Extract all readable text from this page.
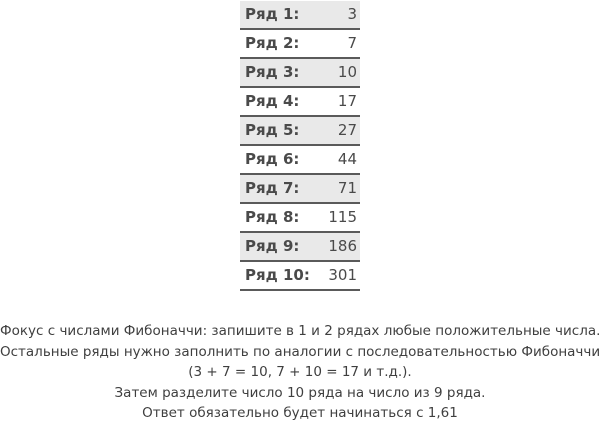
Ряд 1:	3
Ряд 2:	7
Ряд 3:	10
Ряд 4:	17
Ряд 5:	27
Ряд 6:	44
Ряд 7:	71
Ряд 8: 115
Ряд 9: 186
Ряд 10: 301

Фокус с числами Фибоначчи: запишите в 1 и 2 рядах любые положительные числа.

Остальные ряды нужно заполнить по аналогии с последовательностью Фибоначчи

(3 + 7 = 10, 7 + 10 = 17 и т.д.).

Затем разделите число 10 ряда на число из 9 ряда.

Ответ обязательно будет начинаться с 1,61
